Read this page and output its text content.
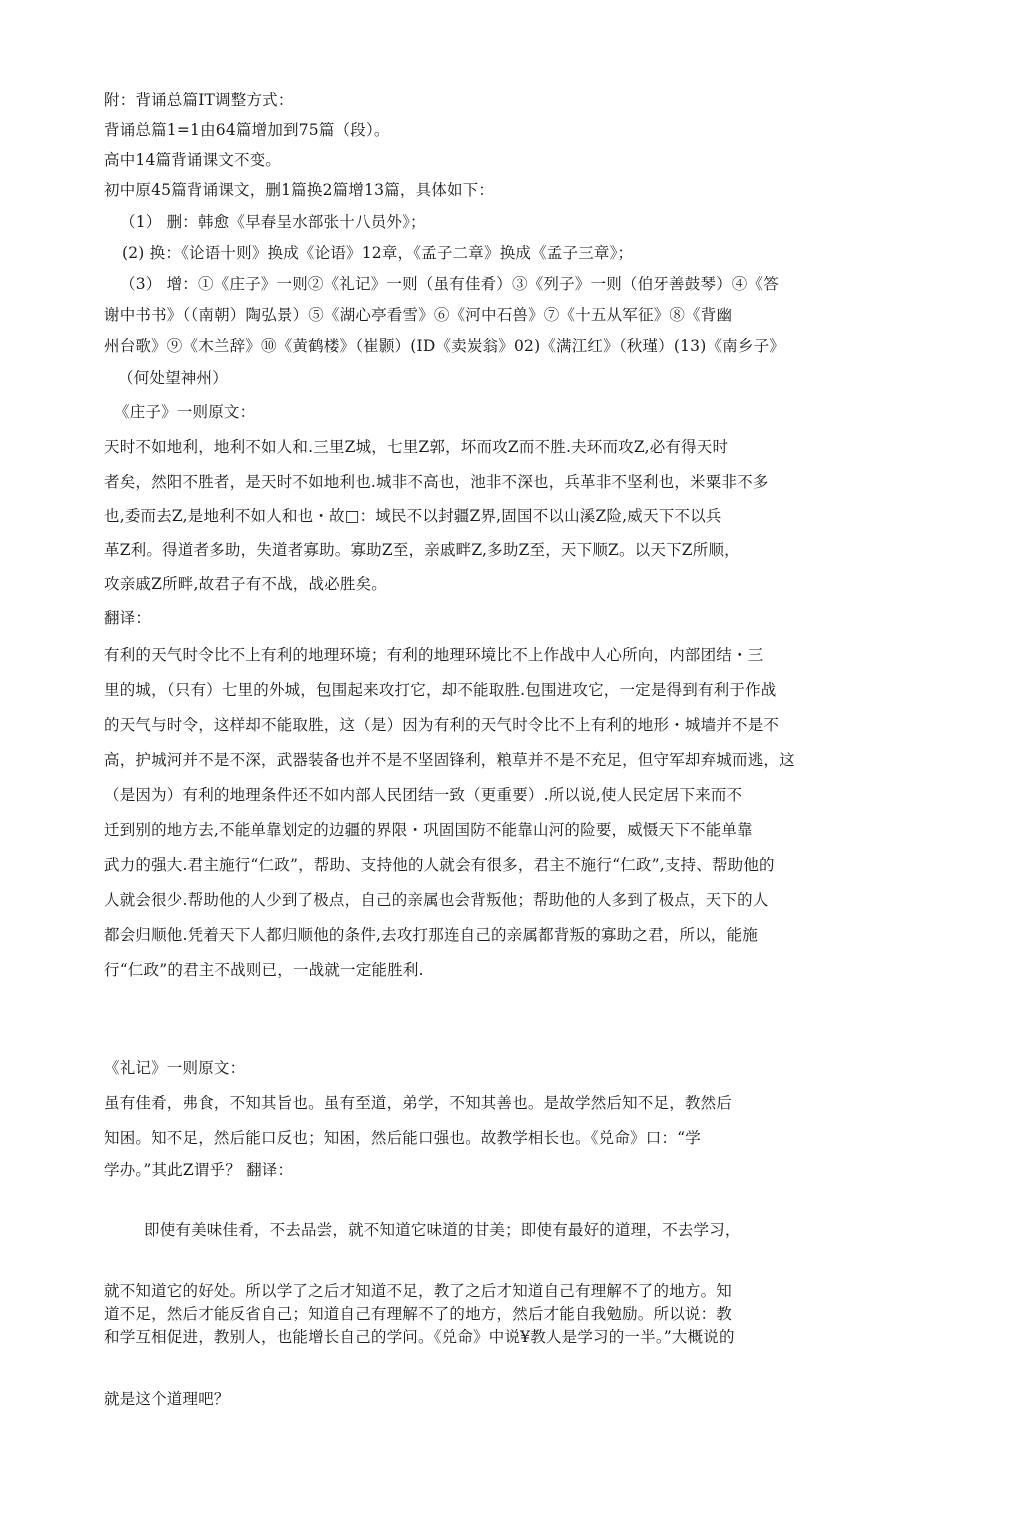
附：背诵总篇IT调整方式：
背诵总篇1=1由64篇增加到75篇（段）。
高中14篇背诵课文不变。
初中原45篇背诵课文，删1篇换2篇增13篇，具体如下：
（1） 删：韩愈《早春呈水部张十八员外》；
(2) 换：《论语十则》换成《论语》12章，《孟子二章》换成《孟子三章》；
（3） 增：①《庄子》一则②《礼记》一则（虽有佳肴）③《列子》一则（伯牙善鼓琴）④《答
谢中书书》（（南朝）陶弘景）⑤《湖心亭看雪》⑥《河中石兽》⑦《十五从军征》⑧《背幽
州台歌》⑨《木兰辞》⑩《黄鹤楼》（崔颢）(ID《卖炭翁》02)《满江红》（秋瑾）(13)《南乡子》
（何处望神州）
《庄子》一则原文：
天时不如地利，地利不如人和.三里Z城，七里Z郭，坏而攻Z而不胜.夫环而攻Z,必有得天时
者矣，然阳不胜者，是天时不如地利也.城非不高也，池非不深也，兵革非不坚利也，米粟非不多
也,委而去Z,是地利不如人和也・故□：域民不以封疆Z界,固国不以山溪Z险,威天下不以兵
革Z利。得道者多助，失道者寡助。寡助Z至，亲戚畔Z,多助Z至，天下顺Z。以天下Z所顺，
攻亲戚Z所畔,故君子有不战，战必胜矣。
翻译：
有利的天气时令比不上有利的地理环境；有利的地理环境比不上作战中人心所向，内部团结・三
里的城，（只有）七里的外城，包围起来攻打它，却不能取胜.包围进攻它，一定是得到有利于作战
的天气与时令，这样却不能取胜，这（是）因为有利的天气时令比不上有利的地形・城墙并不是不
高，护城河并不是不深，武器装备也并不是不坚固锋利，粮草并不是不充足，但守军却弃城而逃，这
（是因为）有利的地理条件还不如内部人民团结一致（更重要）.所以说,使人民定居下来而不
迁到别的地方去,不能单靠划定的边疆的界限・巩固国防不能靠山河的险要，威慑天下不能单靠
武力的强大.君主施行“仁政”，帮助、支持他的人就会有很多，君主不施行“仁政”,支持、帮助他的
人就会很少.帮助他的人少到了极点，自己的亲属也会背叛他；帮助他的人多到了极点，天下的人
都会归顺他.凭着天下人都归顺他的条件,去攻打那连自己的亲属都背叛的寡助之君，所以，能施
行“仁政”的君主不战则已，一战就一定能胜利.
《礼记》一则原文：
虽有佳肴，弗食，不知其旨也。虽有至道，弟学，不知其善也。是故学然后知不足，教然后
知困。知不足，然后能口反也；知困，然后能口强也。故教学相长也。《兑命》口：“学
学办。”其此Z谓乎？ 翻译：
即使有美味佳肴，不去品尝，就不知道它味道的甘美；即使有最好的道理，不去学习，
就不知道它的好处。所以学了之后才知道不足，教了之后才知道自己有理解不了的地方。知
道不足，然后才能反省自己；知道自己有理解不了的地方，然后才能自我勉励。所以说：教
和学互相促进，教别人，也能增长自己的学问。《兑命》中说¥教人是学习的一半。”大概说的
就是这个道理吧？
